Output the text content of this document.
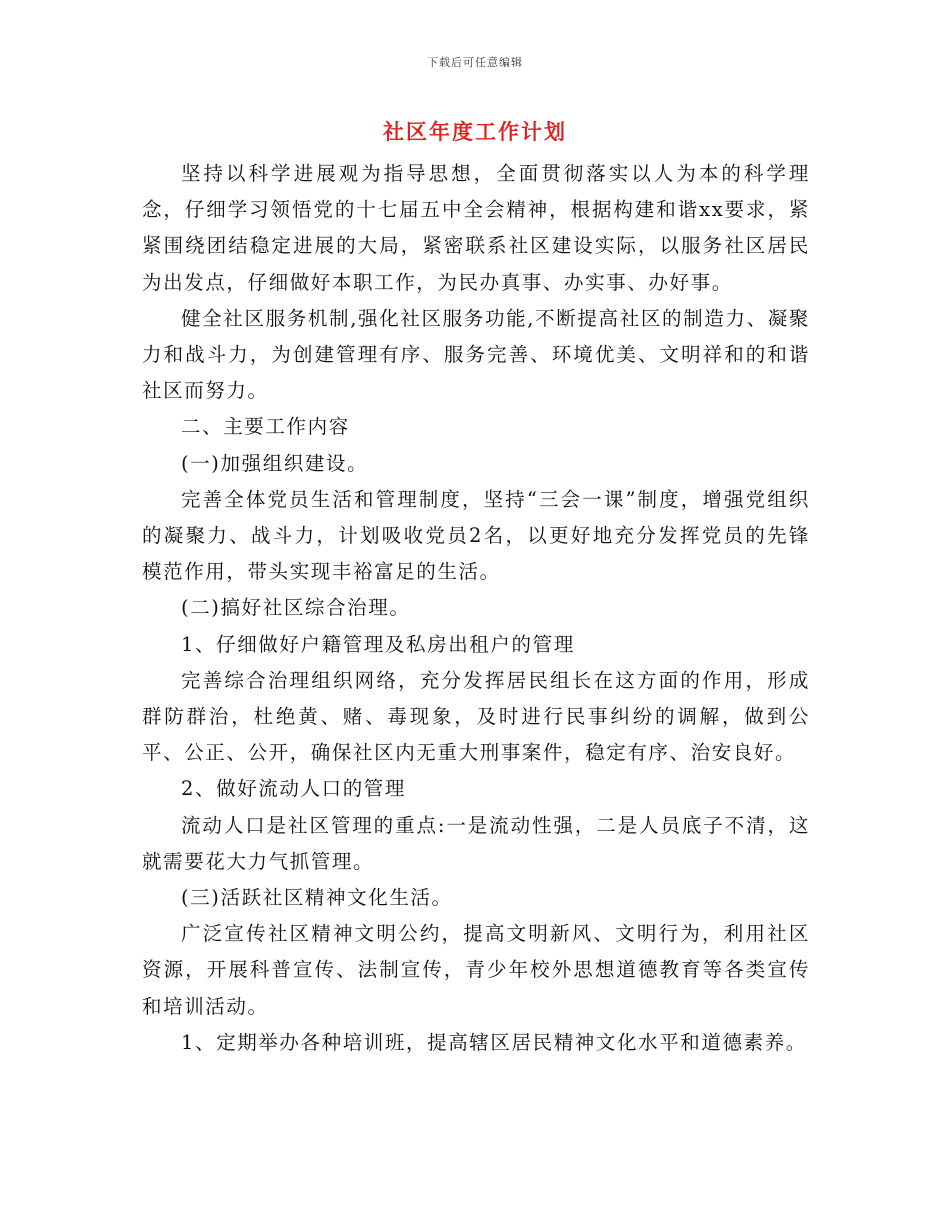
下载后可任意编辑
社区年度工作计划

坚持以科学进展观为指导思想，全面贯彻落实以人为本的科学理念，仔细学习领悟党的十七届五中全会精神，根据构建和谐xx要求，紧紧围绕团结稳定进展的大局，紧密联系社区建设实际，以服务社区居民为出发点，仔细做好本职工作，为民办真事、办实事、办好事。

健全社区服务机制,强化社区服务功能,不断提高社区的制造力、凝聚力和战斗力，为创建管理有序、服务完善、环境优美、文明祥和的和谐社区而努力。

二、主要工作内容

(一)加强组织建设。

完善全体党员生活和管理制度，坚持“三会一课”制度，增强党组织的凝聚力、战斗力，计划吸收党员2名，以更好地充分发挥党员的先锋模范作用，带头实现丰裕富足的生活。

(二)搞好社区综合治理。

1、仔细做好户籍管理及私房出租户的管理

完善综合治理组织网络，充分发挥居民组长在这方面的作用，形成群防群治，杜绝黄、赌、毒现象，及时进行民事纠纷的调解，做到公平、公正、公开，确保社区内无重大刑事案件，稳定有序、治安良好。

2、做好流动人口的管理

流动人口是社区管理的重点:一是流动性强，二是人员底子不清，这就需要花大力气抓管理。

(三)活跃社区精神文化生活。

广泛宣传社区精神文明公约，提高文明新风、文明行为，利用社区资源，开展科普宣传、法制宣传，青少年校外思想道德教育等各类宣传和培训活动。

1、定期举办各种培训班，提高辖区居民精神文化水平和道德素养。
